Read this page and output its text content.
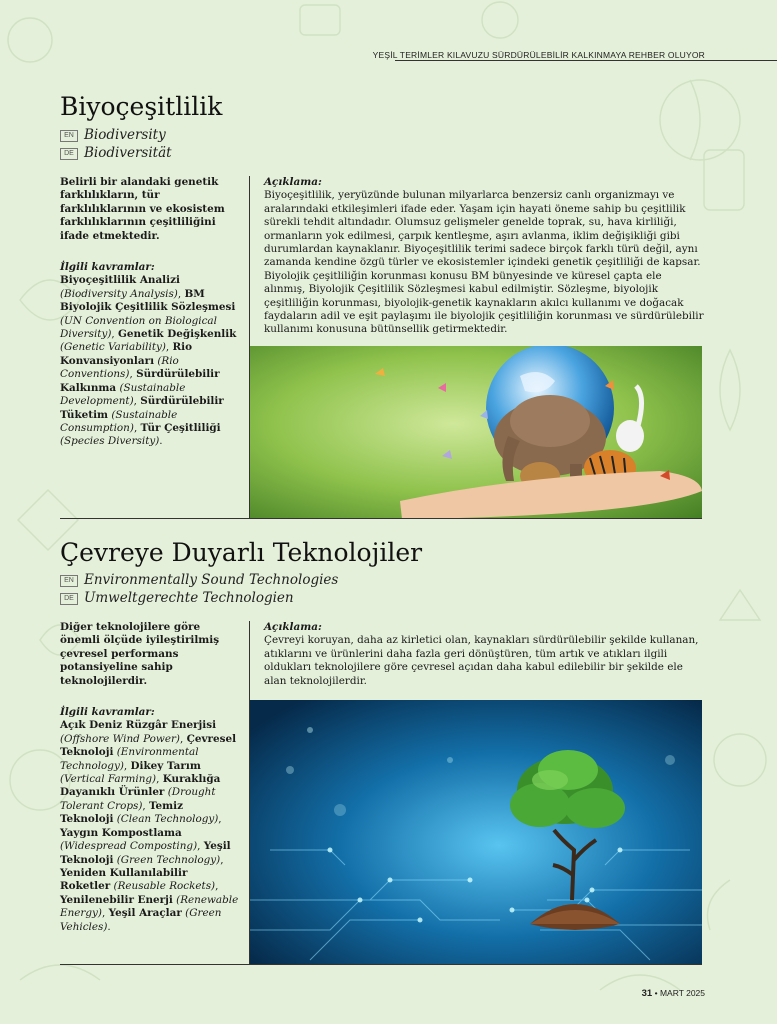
YEŞİL TERİMLER KILAVUZU SÜRDÜRÜLEBİLİR KALKINMAYA REHBER OLUYOR
Biyoçeşitlilik
EN Biodiversity
DE Biodiversität

Belirli bir alandaki genetik farklılıkların, tür farklılıklarının ve ekosistem farklılıklarının çeşitliliğini ifade etmektedir.

İlgili kavramlar:
Biyoçeşitlilik Analizi (Biodiversity Analysis), BM Biyolojik Çeşitlilik Sözleşmesi (UN Convention on Biological Diversity), Genetik Değişkenlik (Genetic Variability), Rio Konvansiyonları (Rio Conventions), Sürdürülebilir Kalkınma (Sustainable Development), Sürdürülebilir Tüketim (Sustainable Consumption), Tür Çeşitliliği (Species Diversity).
Açıklama:
Biyoçeşitlilik, yeryüzünde bulunan milyarlarca benzersiz canlı organizmayı ve aralarındaki etkileşimleri ifade eder. Yaşam için hayati öneme sahip bu çeşitlilik sürekli tehdit altındadır. Olumsuz gelişmeler genelde toprak, su, hava kirliliği, ormanların yok edilmesi, çarpık kentleşme, aşırı avlanma, iklim değişikliği gibi durumlardan kaynaklanır. Biyoçeşitlilik terimi sadece birçok farklı türü değil, aynı zamanda kendine özgü türler ve ekosistemler içindeki genetik çeşitliliği de kapsar. Biyolojik çeşitliliğin korunması konusu BM bünyesinde ve küresel çapta ele alınmış, Biyolojik Çeşitlilik Sözleşmesi kabul edilmiştir. Sözleşme, biyolojik çeşitliliğin korunması, biyolojik-genetik kaynakların akılcı kullanımı ve doğacak faydaların adil ve eşit paylaşımı ile biyolojik çeşitliliğin korunması ve sürdürülebilir kullanımı konusuna bütünsellik getirmektedir.
Çevreye Duyarlı Teknolojiler
EN Environmentally Sound Technologies
DE Umweltgerechte Technologien

Diğer teknolojilere göre önemli ölçüde iyileştirilmiş çevresel performans potansiyeline sahip teknolojilerdir.

İlgili kavramlar:
Açık Deniz Rüzgâr Enerjisi (Offshore Wind Power), Çevresel Teknoloji (Environmental Technology), Dikey Tarım (Vertical Farming), Kuraklığa Dayanıklı Ürünler (Drought Tolerant Crops), Temiz Teknoloji (Clean Technology), Yaygın Kompostlama (Widespread Composting), Yeşil Teknoloji (Green Technology), Yeniden Kullanılabilir Roketler (Reusable Rockets), Yenilenebilir Enerji (Renewable Energy), Yeşil Araçlar (Green Vehicles).
Açıklama:
Çevreyi koruyan, daha az kirletici olan, kaynakları sürdürülebilir şekilde kullanan, atıklarını ve ürünlerini daha fazla geri dönüştüren, tüm artık ve atıkları ilgili oldukları teknolojilere göre çevresel açıdan daha kabul edilebilir bir şekilde ele alan teknolojilerdir.
31 • MART 2025
